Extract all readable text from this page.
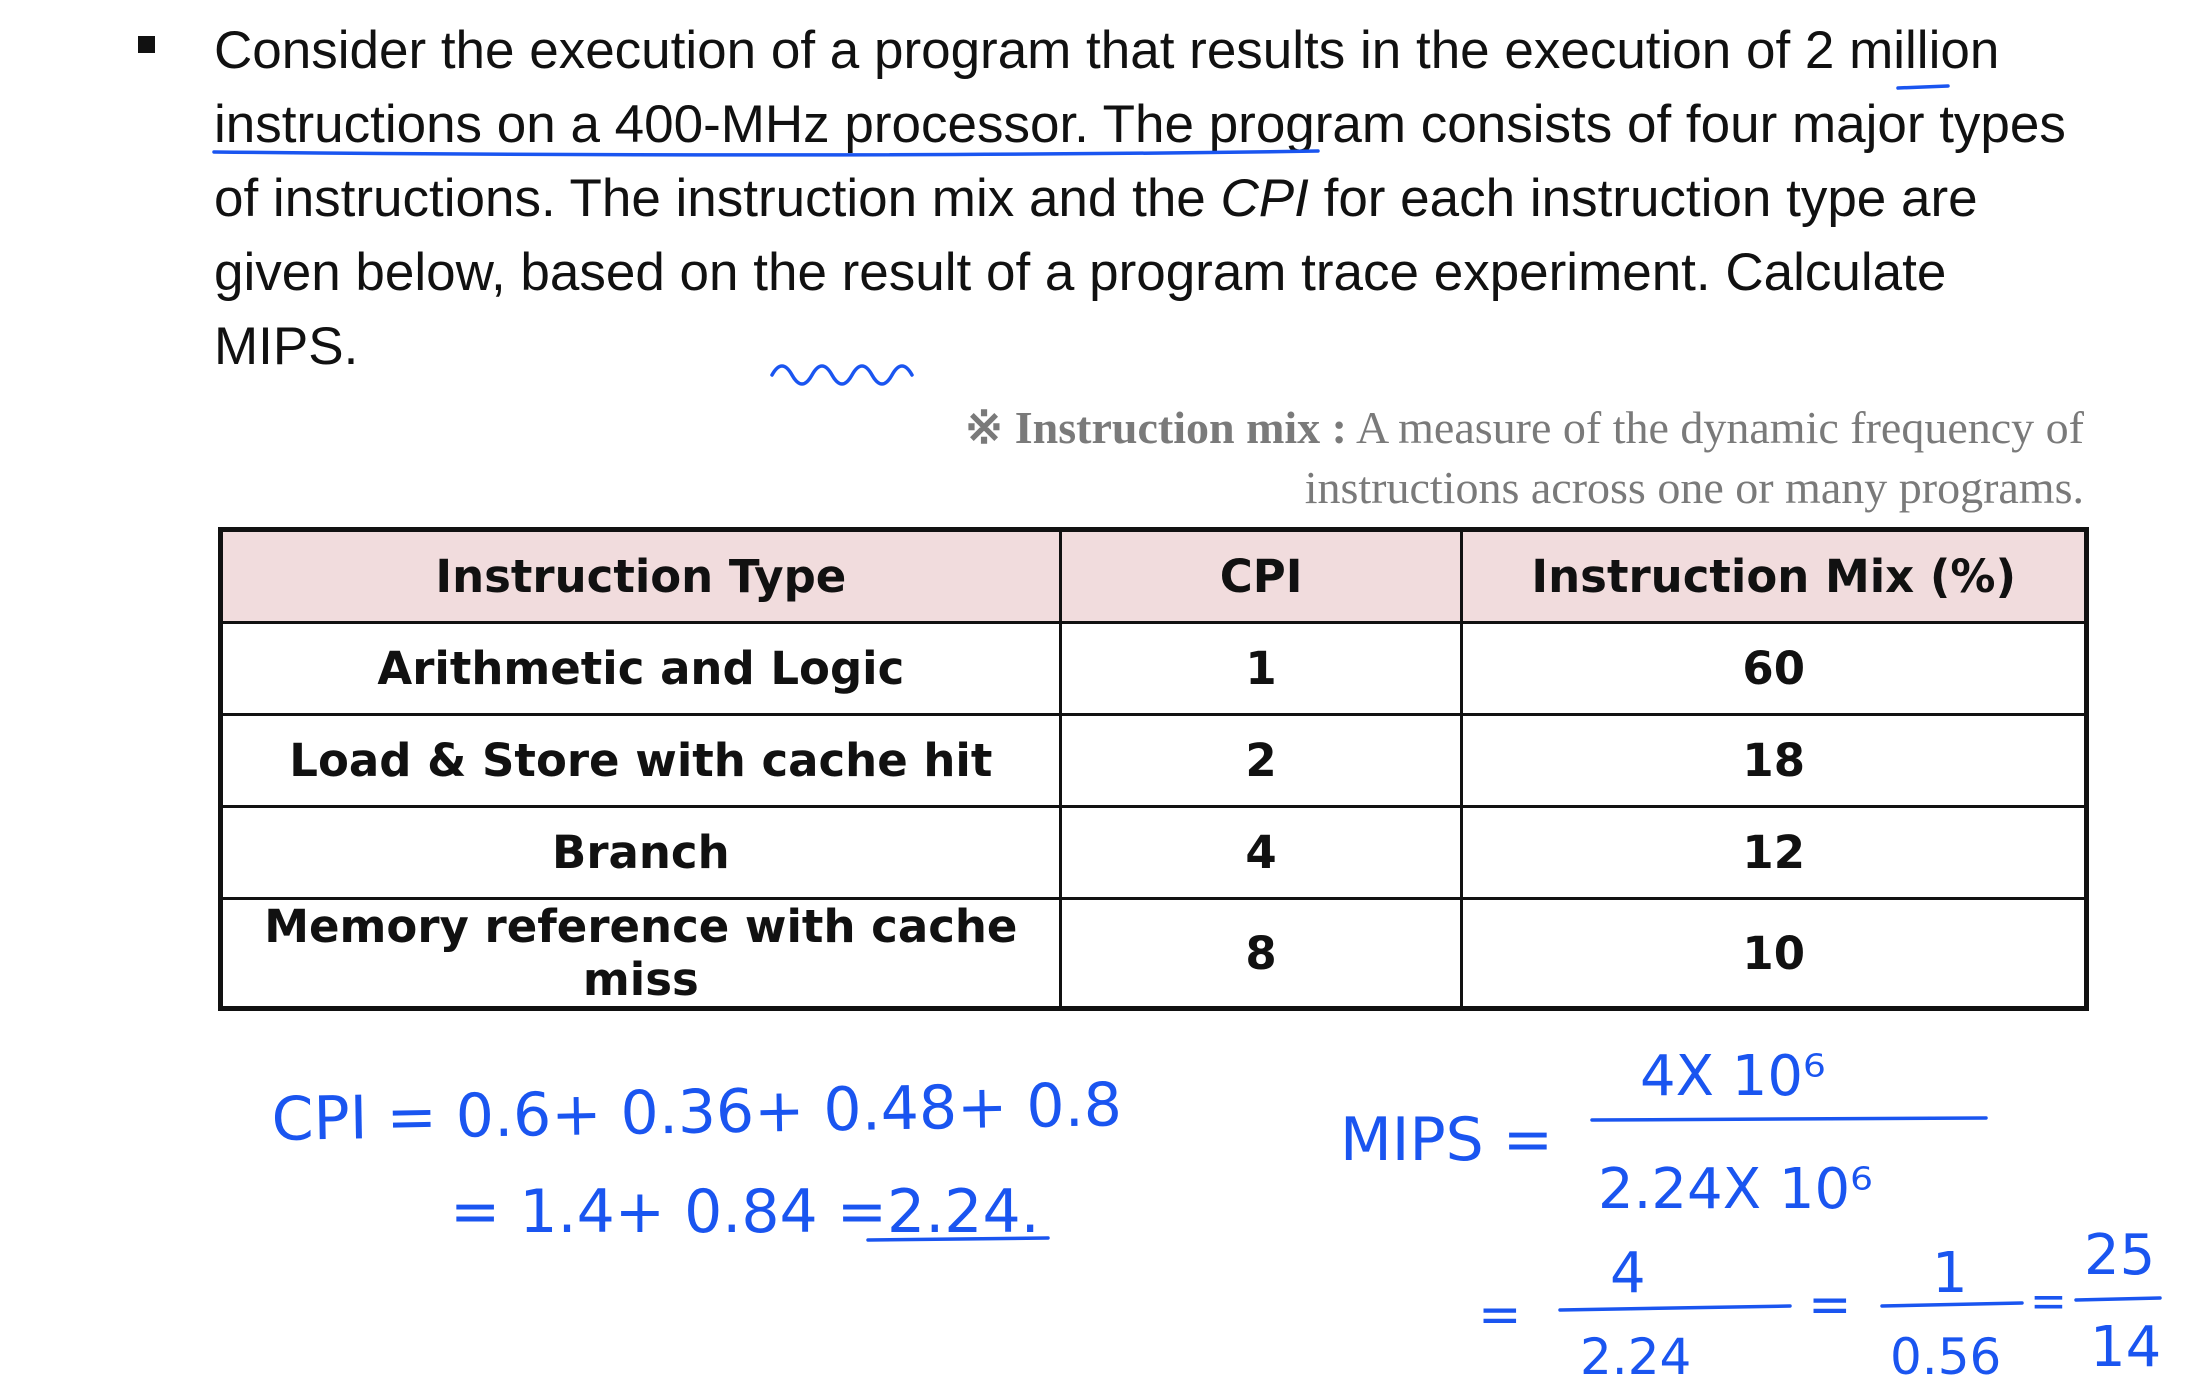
Consider the execution of a program that results in the execution of 2 million instructions on a 400-MHz processor. The program consists of four major types of instructions. The instruction mix and the CPI for each instruction type are given below, based on the result of a program trace experiment. Calculate MIPS.

※ Instruction mix : A measure of the dynamic frequency of instructions across one or many programs.
Instruction Type	CPI	Instruction Mix (%)
Arithmetic and Logic	1	60
Load & Store with cache hit	2	18
Branch	4	12
Memory reference with cache miss	8	10
CPI = 0.6+ 0.36+ 0.48+ 0.8
= 1.4+ 0.84 =2.24.
MIPS =
4X 10⁶
2.24X 10⁶
=
4
2.24
= 1
0.56
=
25
14
